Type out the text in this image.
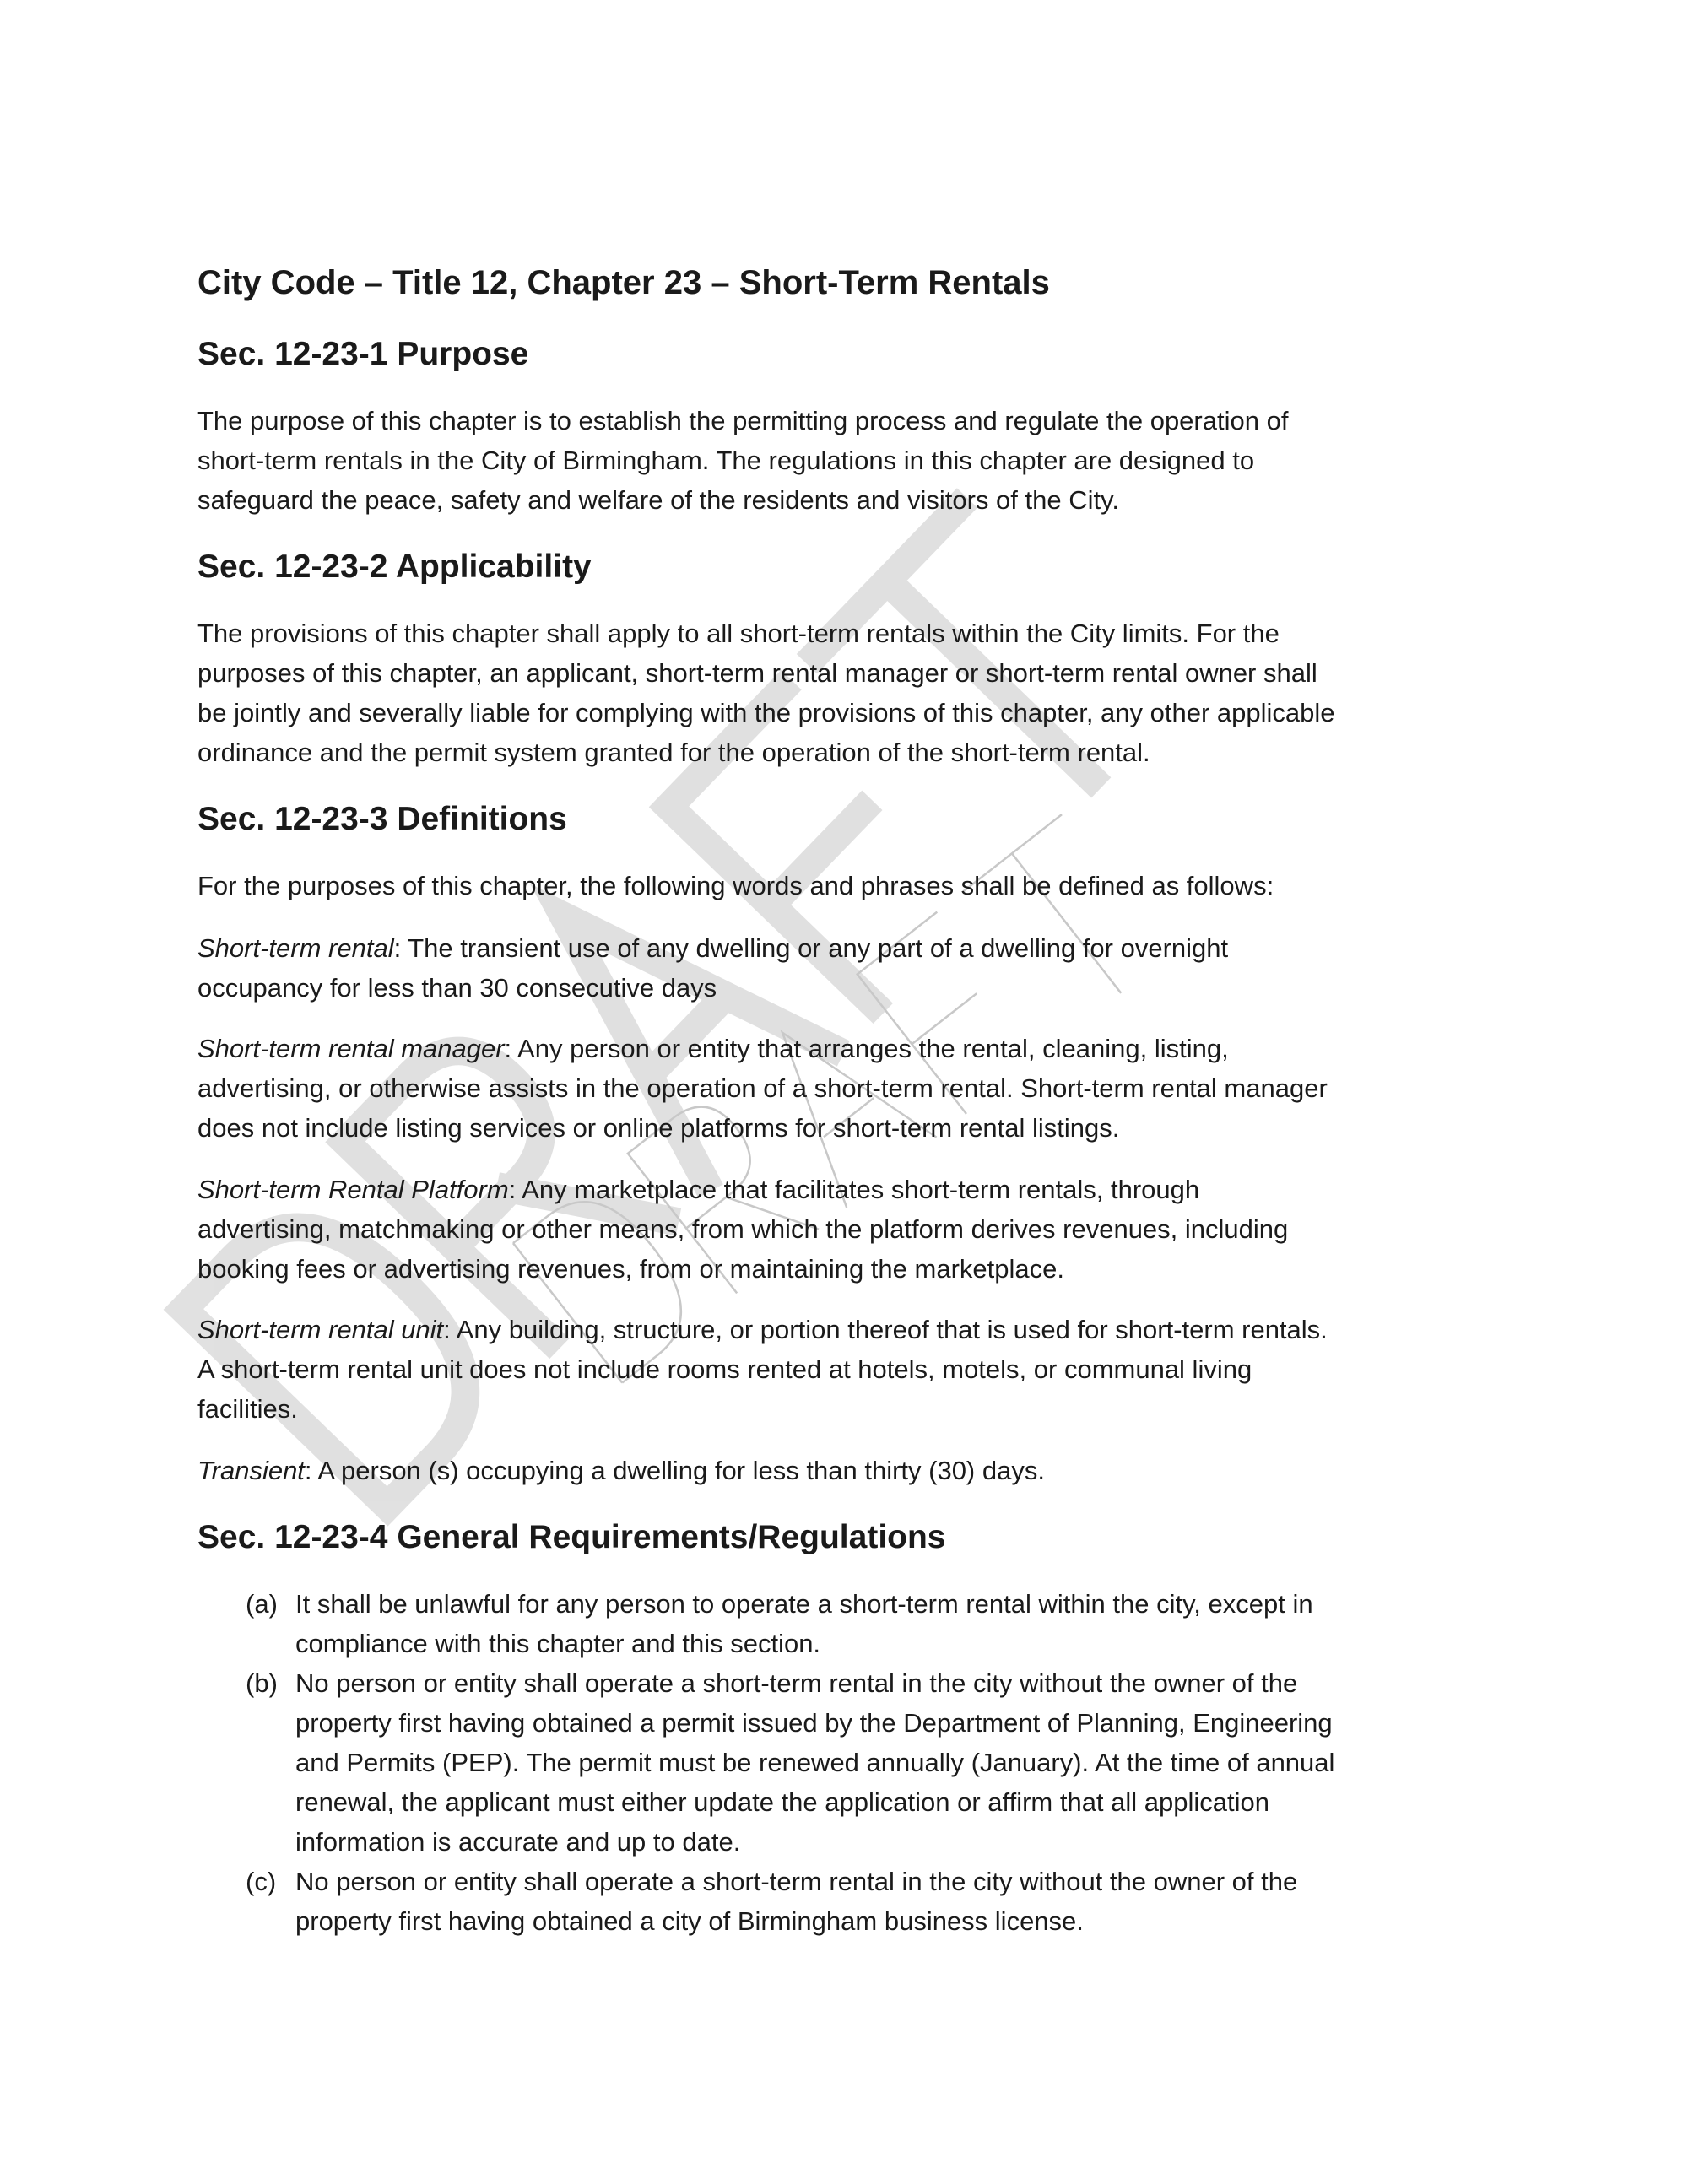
City Code – Title 12, Chapter 23 – Short-Term Rentals
Sec. 12-23-1 Purpose
The purpose of this chapter is to establish the permitting process and regulate the operation of
short-term rentals in the City of Birmingham. The regulations in this chapter are designed to
safeguard the peace, safety and welfare of the residents and visitors of the City.
Sec. 12-23-2 Applicability
The provisions of this chapter shall apply to all short-term rentals within the City limits. For the
purposes of this chapter, an applicant, short-term rental manager or short-term rental owner shall
be jointly and severally liable for complying with the provisions of this chapter, any other applicable
ordinance and the permit system granted for the operation of the short-term rental.
Sec. 12-23-3 Definitions
For the purposes of this chapter, the following words and phrases shall be defined as follows:
Short-term rental: The transient use of any dwelling or any part of a dwelling for overnight
occupancy for less than 30 consecutive days
Short-term rental manager: Any person or entity that arranges the rental, cleaning, listing,
advertising, or otherwise assists in the operation of a short-term rental. Short-term rental manager
does not include listing services or online platforms for short-term rental listings.
Short-term Rental Platform: Any marketplace that facilitates short-term rentals, through
advertising, matchmaking or other means, from which the platform derives revenues, including
booking fees or advertising revenues, from or maintaining the marketplace.
Short-term rental unit: Any building, structure, or portion thereof that is used for short-term rentals.
A short-term rental unit does not include rooms rented at hotels, motels, or communal living
facilities.
Transient: A person (s) occupying a dwelling for less than thirty (30) days.
Sec. 12-23-4 General Requirements/Regulations
(a) It shall be unlawful for any person to operate a short-term rental within the city, except in
compliance with this chapter and this section.
(b) No person or entity shall operate a short-term rental in the city without the owner of the
property first having obtained a permit issued by the Department of Planning, Engineering
and Permits (PEP). The permit must be renewed annually (January). At the time of annual
renewal, the applicant must either update the application or affirm that all application
information is accurate and up to date.
(c) No person or entity shall operate a short-term rental in the city without the owner of the
property first having obtained a city of Birmingham business license.
